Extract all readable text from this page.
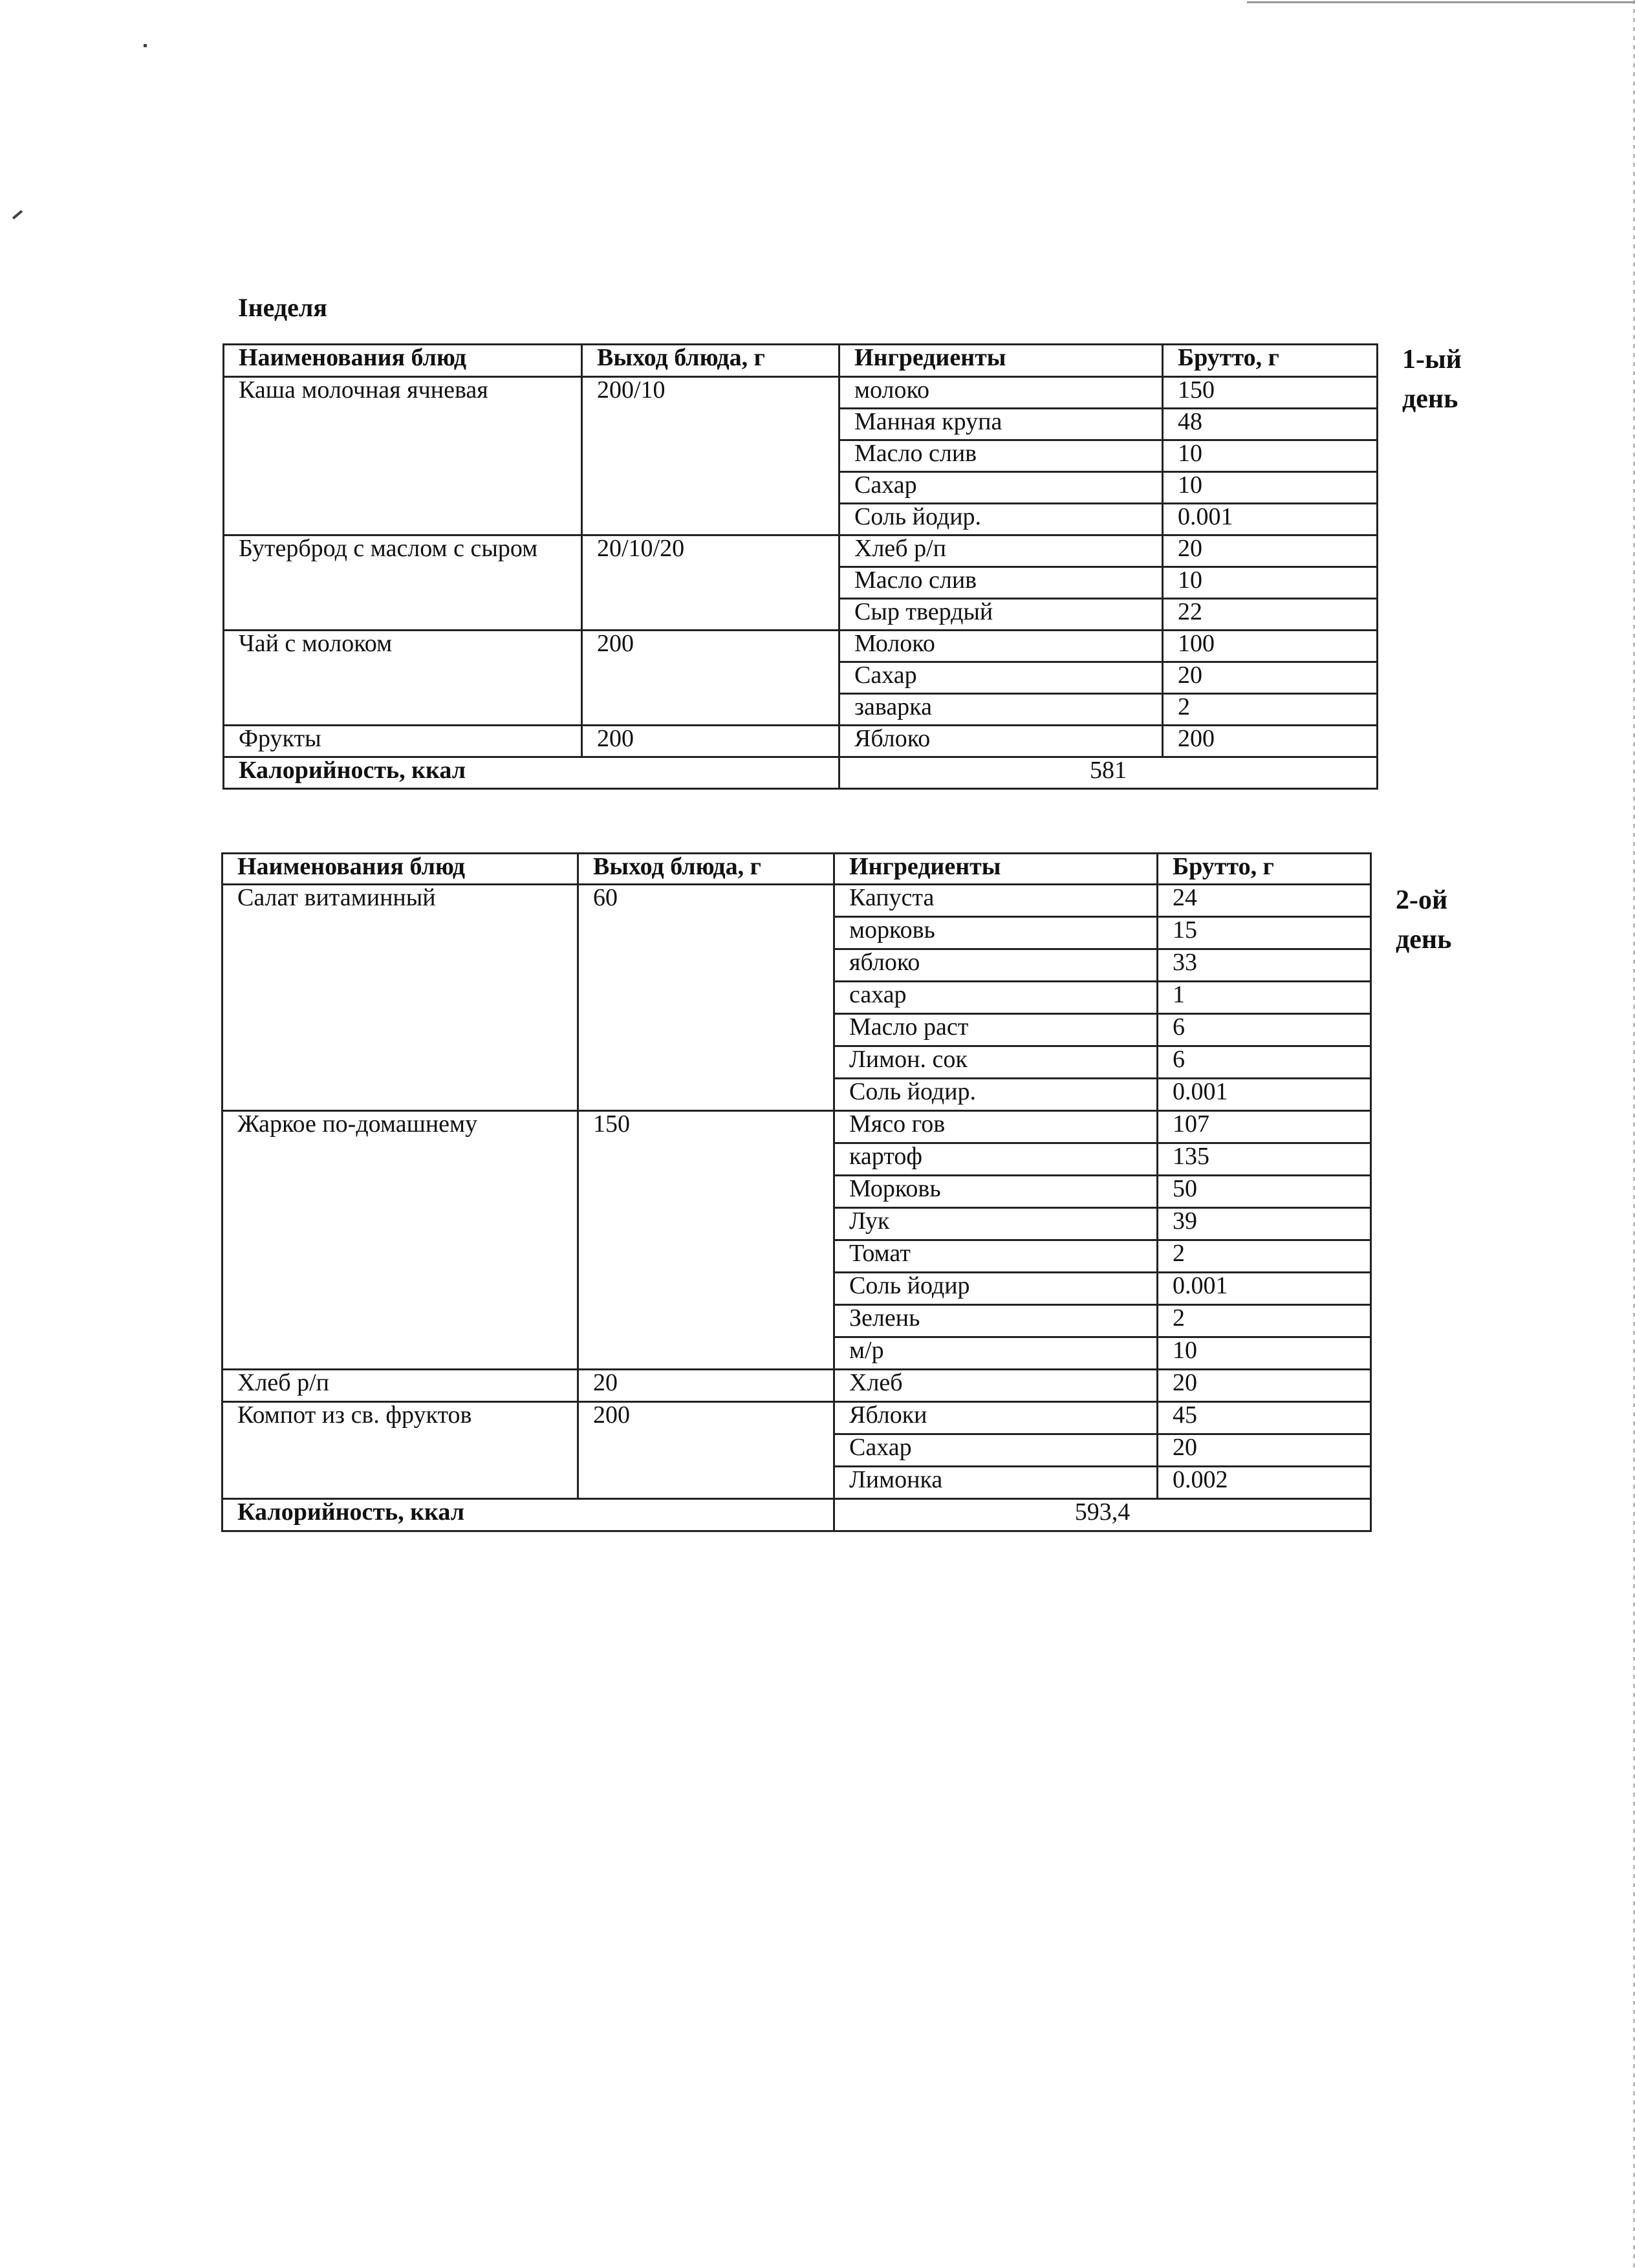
Iнеделя
Наименования блюд	Выход блюда, г	Ингредиенты	Брутто, г
Каша молочная ячневая	200/10	молоко	150
		Манная крупа	48
		Масло слив	10
		Сахар	10
		Соль йодир.	0.001
Бутерброд с маслом с сыром	20/10/20	Хлеб р/п	20
		Масло слив	10
		Сыр твердый	22
Чай с молоком	200	Молоко	100
		Сахар	20
		заварка	2
Фрукты	200	Яблоко	200
Калорийность, ккал		581	
1-ый
день
Наименования блюд	Выход блюда, г	Ингредиенты	Брутто, г
Салат витаминный	60	Капуста	24
		морковь	15
		яблоко	33
		сахар	1
		Масло раст	6
		Лимон. сок	6
		Соль йодир.	0.001
Жаркое по-домашнему	150	Мясо гов	107
		картоф	135
		Морковь	50
		Лук	39
		Томат	2
		Соль йодир	0.001
		Зелень	2
		м/р	10
Хлеб р/п	20	Хлеб	20
Компот из св. фруктов	200	Яблоки	45
		Сахар	20
		Лимонка	0.002
Калорийность, ккал		593,4	
2-ой
день
